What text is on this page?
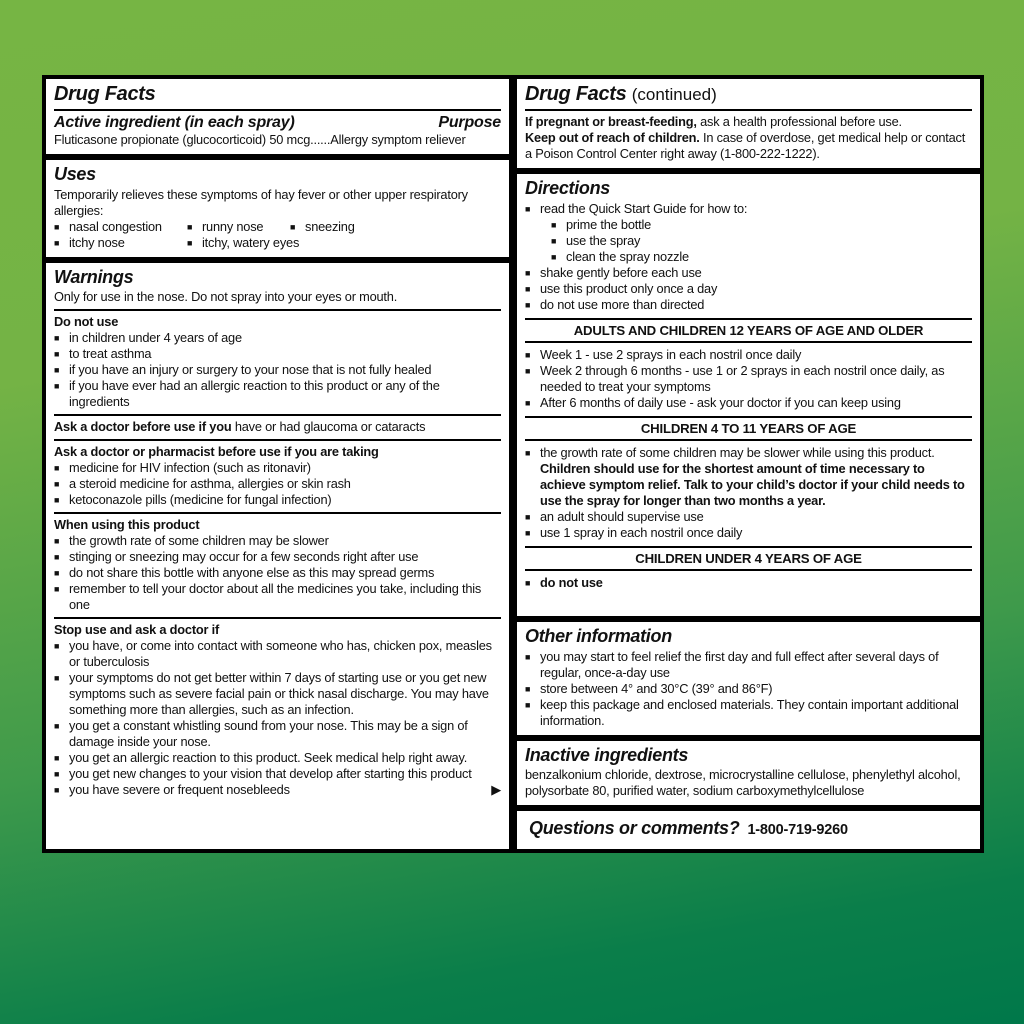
Drug Facts
Active ingredient (in each spray)	Purpose
Fluticasone propionate (glucocorticoid) 50 mcg......Allergy symptom reliever
Uses
Temporarily relieves these symptoms of hay fever or other upper respiratory allergies:
■ nasal congestion	■ runny nose	■ sneezing
■ itchy nose	■ itchy, watery eyes
Warnings
Only for use in the nose. Do not spray into your eyes or mouth.
Do not use
■ in children under 4 years of age
■ to treat asthma
■ if you have an injury or surgery to your nose that is not fully healed
■ if you have ever had an allergic reaction to this product or any of the ingredients
Ask a doctor before use if you have or had glaucoma or cataracts
Ask a doctor or pharmacist before use if you are taking
■ medicine for HIV infection (such as ritonavir)
■ a steroid medicine for asthma, allergies or skin rash
■ ketoconazole pills (medicine for fungal infection)
When using this product
■ the growth rate of some children may be slower
■ stinging or sneezing may occur for a few seconds right after use
■ do not share this bottle with anyone else as this may spread germs
■ remember to tell your doctor about all the medicines you take, including this one
Stop use and ask a doctor if
■ you have, or come into contact with someone who has, chicken pox, measles or tuberculosis
■ your symptoms do not get better within 7 days of starting use or you get new symptoms such as severe facial pain or thick nasal discharge. You may have something more than allergies, such as an infection.
■ you get a constant whistling sound from your nose. This may be a sign of damage inside your nose.
■ you get an allergic reaction to this product. Seek medical help right away.
■ you get new changes to your vision that develop after starting this product
■ you have severe or frequent nosebleeds	▶
Drug Facts (continued)
If pregnant or breast-feeding, ask a health professional before use.
Keep out of reach of children. In case of overdose, get medical help or contact a Poison Control Center right away (1-800-222-1222).
Directions
■ read the Quick Start Guide for how to:
■ prime the bottle
■ use the spray
■ clean the spray nozzle
■ shake gently before each use
■ use this product only once a day
■ do not use more than directed
ADULTS AND CHILDREN 12 YEARS OF AGE AND OLDER
■ Week 1 - use 2 sprays in each nostril once daily
■ Week 2 through 6 months - use 1 or 2 sprays in each nostril once daily, as needed to treat your symptoms
■ After 6 months of daily use - ask your doctor if you can keep using
CHILDREN 4 TO 11 YEARS OF AGE
■ the growth rate of some children may be slower while using this product. Children should use for the shortest amount of time necessary to achieve symptom relief. Talk to your child’s doctor if your child needs to use the spray for longer than two months a year.
■ an adult should supervise use
■ use 1 spray in each nostril once daily
CHILDREN UNDER 4 YEARS OF AGE
■ do not use
Other information
■ you may start to feel relief the first day and full effect after several days of regular, once-a-day use
■ store between 4° and 30°C (39° and 86°F)
■ keep this package and enclosed materials. They contain important additional information.
Inactive ingredients
benzalkonium chloride, dextrose, microcrystalline cellulose, phenylethyl alcohol, polysorbate 80, purified water, sodium carboxymethylcellulose
Questions or comments? 1-800-719-9260
